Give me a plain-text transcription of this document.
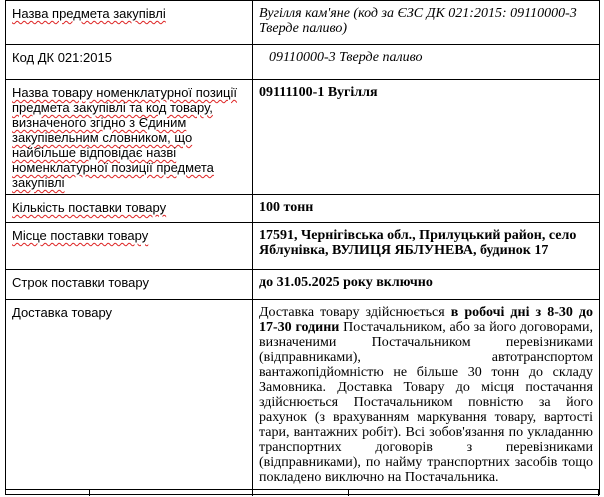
Назва предмета закупівлі	Вугілля кам'яне (код за ЄЗС ДК 021:2015: 09110000-3 Тверде паливо)
Код ДК 021:2015	09110000-3 Тверде паливо
Назва товару номенклатурної позиції предмета закупівлі та код товару, визначеного згідно з Єдиним закупівельним словником, що найбільше відповідає назві номенклатурної позиції предмета закупівлі	09111100-1 Вугілля
Кількість поставки товару	100 тонн
Місце поставки товару	17591, Чернігівська обл., Прилуцький район, село Яблунівка, ВУЛИЦЯ ЯБЛУНЕВА, будинок 17
Строк поставки товару	до 31.05.2025 року включно
Доставка товару	Доставка товару здійснюється в робочі дні з 8-30 до 17-30 години Постачальником, або за його договорами, визначеними Постачальником перевізниками (відправниками), автотранспортом вантажопідйомністю не більше 30 тонн до складу Замовника. Доставка Товару до місця постачання здійснюється Постачальником повністю за його рахунок (з врахуванням маркування товару, вартості тари, вантажних робіт). Всі зобов'язання по укладанню транспортних договорів з перевізниками (відправниками), по найму транспортних засобів тощо покладено виключно на Постачальника.
